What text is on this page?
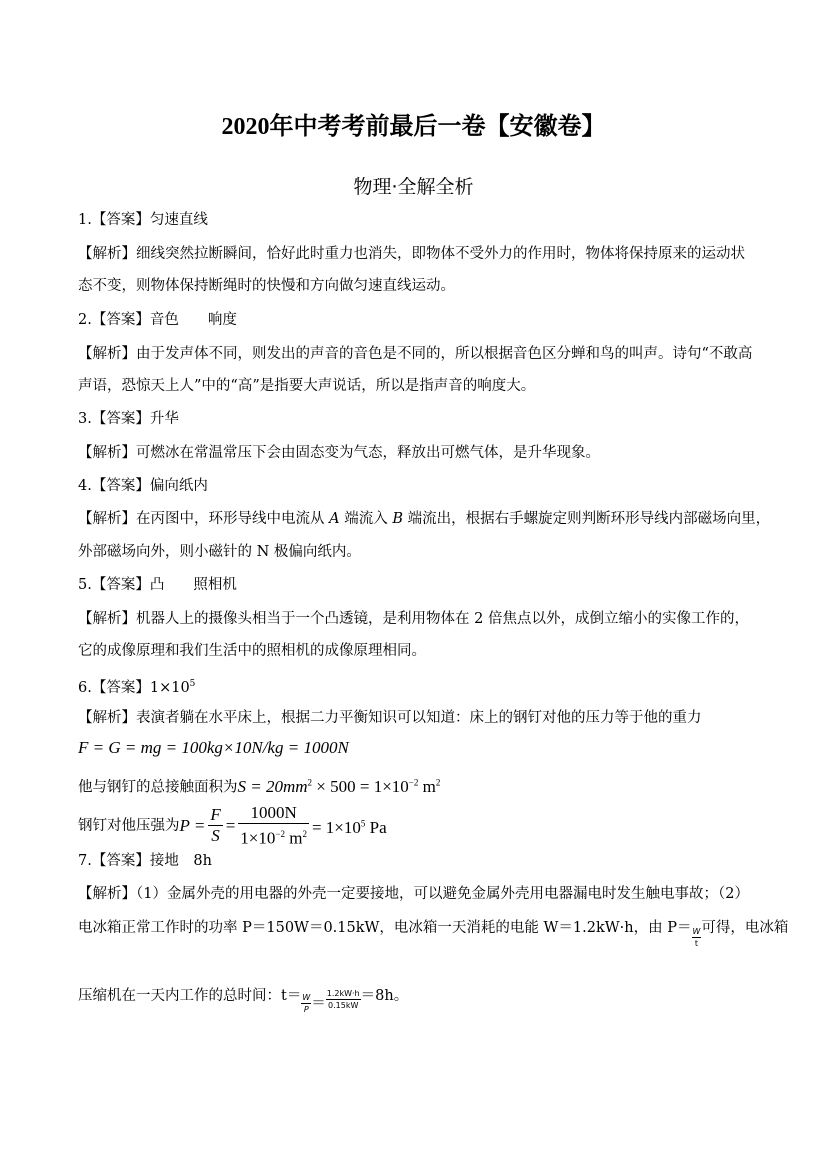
2020年中考考前最后一卷【安徽卷】
物理·全解全析
1.【答案】匀速直线
【解析】细线突然拉断瞬间，恰好此时重力也消失，即物体不受外力的作用时，物体将保持原来的运动状
态不变，则物体保持断绳时的快慢和方向做匀速直线运动。
2.【答案】音色　　响度
【解析】由于发声体不同，则发出的声音的音色是不同的，所以根据音色区分蝉和鸟的叫声。诗句“不敢高
声语，恐惊天上人”中的“高”是指要大声说话，所以是指声音的响度大。
3.【答案】升华
【解析】可燃冰在常温常压下会由固态变为气态，释放出可燃气体，是升华现象。
4.【答案】偏向纸内
【解析】在丙图中，环形导线中电流从 A 端流入 B 端流出，根据右手螺旋定则判断环形导线内部磁场向里，
外部磁场向外，则小磁针的 N 极偏向纸内。
5.【答案】凸　　照相机
【解析】机器人上的摄像头相当于一个凸透镜，是利用物体在 2 倍焦点以外，成倒立缩小的实像工作的，
它的成像原理和我们生活中的照相机的成像原理相同。
6.【答案】$1\times 10^5$
【解析】表演者躺在水平床上，根据二力平衡知识可以知道：床上的钢钉对他的压力等于他的重力
F = G = mg = 100kg×10N/kg = 1000N
他与钢钉的总接触面积为$S = 20mm^2 \times 500 = 1\times 10^{-2}$ $m^2$
钢钉对他压强为$P = \frac{F}{S} = \frac{1000N}{1\times 10^{-2} m^2} = 1\times 10^5$ Pa
7.【答案】接地　8h
【解析】（1）金属外壳的用电器的外壳一定要接地，可以避免金属外壳用电器漏电时发生触电事故；（2）
电冰箱正常工作时的功率 P＝150W＝0.15kW，电冰箱一天消耗的电能 W＝1.2kW·h，由 $P= \frac{W}{t}$ 可得，电冰箱
压缩机在一天内工作的总时间：$t= \frac{W}{P} = \frac{1.2kW\cdot h}{0.15kW} =8h$。
